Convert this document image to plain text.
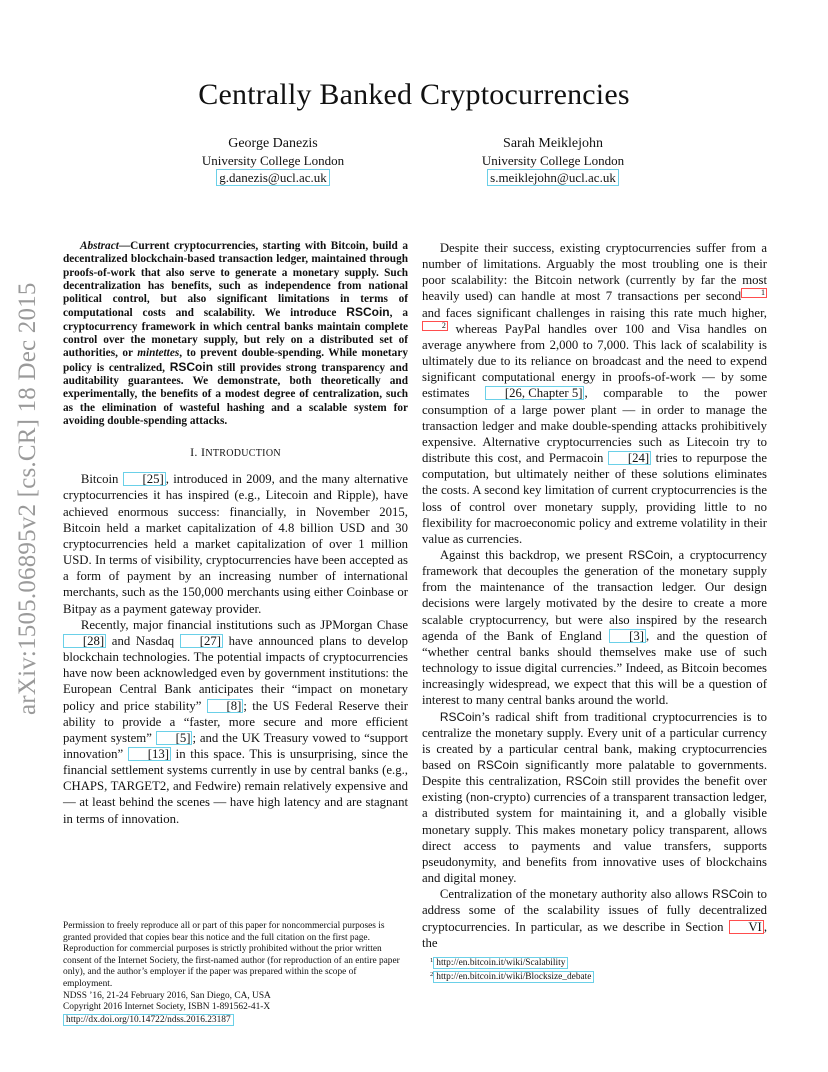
arXiv:1505.06895v2 [cs.CR] 18 Dec 2015
Centrally Banked Cryptocurrencies
George Danezis
University College London
g.danezis@ucl.ac.uk
Sarah Meiklejohn
University College London
s.meiklejohn@ucl.ac.uk

Abstract—Current cryptocurrencies, starting with Bitcoin, build a decentralized blockchain-based transaction ledger, maintained through proofs-of-work that also serve to generate a monetary supply. Such decentralization has benefits, such as independence from national political control, but also significant limitations in terms of computational costs and scalability. We introduce RSCoin, a cryptocurrency framework in which central banks maintain complete control over the monetary supply, but rely on a distributed set of authorities, or mintettes, to prevent double-spending. While monetary policy is centralized, RSCoin still provides strong transparency and auditability guarantees. We demonstrate, both theoretically and experimentally, the benefits of a modest degree of centralization, such as the elimination of wasteful hashing and a scalable system for avoiding double-spending attacks.

I. INTRODUCTION

Bitcoin [25] , introduced in 2009, and the many alternative cryptocurrencies it has inspired (e.g., Litecoin and Ripple), have achieved enormous success: financially, in November 2015, Bitcoin held a market capitalization of 4.8 billion USD and 30 cryptocurrencies held a market capitalization of over 1 million USD. In terms of visibility, cryptocurrencies have been accepted as a form of payment by an increasing number of international merchants, such as the 150,000 merchants using either Coinbase or Bitpay as a payment gateway provider.

Recently, major financial institutions such as JPMorgan Chase [28] and Nasdaq [27] have announced plans to develop blockchain technologies. The potential impacts of cryptocurrencies have now been acknowledged even by government institutions: the European Central Bank anticipates their “impact on monetary policy and price stability” [8] ; the US Federal Reserve their ability to provide a “faster, more secure and more efficient payment system” [5] ; and the UK Treasury vowed to “support innovation” [13] in this space. This is unsurprising, since the financial settlement systems currently in use by central banks (e.g., CHAPS, TARGET2, and Fedwire) remain relatively expensive and — at least behind the scenes — have high latency and are stagnant in terms of innovation.

Despite their success, existing cryptocurrencies suffer from a number of limitations. Arguably the most troubling one is their poor scalability: the Bitcoin network (currently by far the most heavily used) can handle at most 7 transactions per second 1 and faces significant challenges in raising this rate much higher,2 whereas PayPal handles over 100 and Visa handles on average anywhere from 2,000 to 7,000. This lack of scalability is ultimately due to its reliance on broadcast and the need to expend significant computational energy in proofs-of-work — by some estimates [26, Chapter 5] , comparable to the power consumption of a large power plant — in order to manage the transaction ledger and make double-spending attacks prohibitively expensive. Alternative cryptocurrencies such as Litecoin try to distribute this cost, and Permacoin [24] tries to repurpose the computation, but ultimately neither of these solutions eliminates the costs. A second key limitation of current cryptocurrencies is the loss of control over monetary supply, providing little to no flexibility for macroeconomic policy and extreme volatility in their value as currencies.

Against this backdrop, we present RSCoin, a cryptocurrency framework that decouples the generation of the monetary supply from the maintenance of the transaction ledger. Our design decisions were largely motivated by the desire to create a more scalable cryptocurrency, but were also inspired by the research agenda of the Bank of England [3] , and the question of “whether central banks should themselves make use of such technology to issue digital currencies.” Indeed, as Bitcoin becomes increasingly widespread, we expect that this will be a question of interest to many central banks around the world.

RSCoin’s radical shift from traditional cryptocurrencies is to centralize the monetary supply. Every unit of a particular currency is created by a particular central bank, making cryptocurrencies based on RSCoin significantly more palatable to governments. Despite this centralization, RSCoin still provides the benefit over existing (non-crypto) currencies of a transparent transaction ledger, a distributed system for maintaining it, and a globally visible monetary supply. This makes monetary policy transparent, allows direct access to payments and value transfers, supports pseudonymity, and benefits from innovative uses of blockchains and digital money.

Centralization of the monetary authority also allows RSCoin to address some of the scalability issues of fully decentralized cryptocurrencies. In particular, as we describe in Section VI , the

$^1$ http://en.bitcoin.it/wiki/Scalability
$^2$ http://en.bitcoin.it/wiki/Blocksize_debate
Permission to freely reproduce all or part of this paper for noncommercial purposes is granted provided that copies bear this notice and the full citation on the first page. Reproduction for commercial purposes is strictly prohibited without the prior written consent of the Internet Society, the first-named author (for reproduction of an entire paper only), and the author’s employer if the paper was prepared within the scope of employment.
NDSS ’16, 21-24 February 2016, San Diego, CA, USA
Copyright 2016 Internet Society, ISBN 1-891562-41-X
http://dx.doi.org/10.14722/ndss.2016.23187
